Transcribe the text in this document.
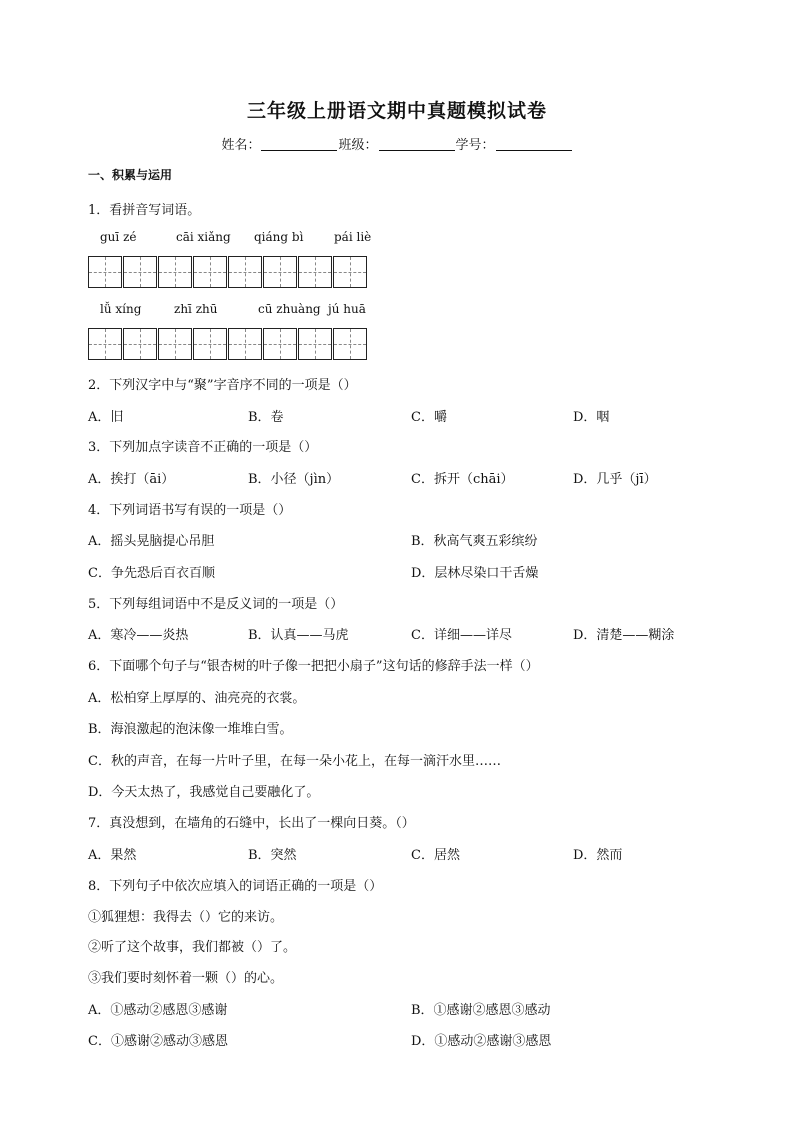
三年级上册语文期中真题模拟试卷
姓名：	班级：	学号：
一、积累与运用
1．看拼音写词语。
guī zé	cāi xiǎng qiáng bì	pái liè
lǚ xíng	zhī zhū	cū zhuàng jú huā
2．下列汉字中与“聚”字音序不同的一项是（）
A．旧	B．卷	C．嚼	D．咽
3．下列加点字读音不正确的一项是（）
A．挨打（āi）	B．小径（jìn）	C．拆开（chāi）	D．几乎（jī）
4．下列词语书写有误的一项是（）
A．摇头晃脑提心吊胆	B．秋高气爽五彩缤纷
C．争先恐后百衣百顺	D．层林尽染口干舌燥
5．下列每组词语中不是反义词的一项是（）
A．寒冷——炎热	B．认真——马虎	C．详细——详尽	D．清楚——糊涂
6．下面哪个句子与“银杏树的叶子像一把把小扇子”这句话的修辞手法一样（）
A．松柏穿上厚厚的、油亮亮的衣裳。
B．海浪激起的泡沫像一堆堆白雪。
C．秋的声音，在每一片叶子里，在每一朵小花上，在每一滴汗水里……
D．今天太热了，我感觉自己要融化了。
7．真没想到，在墙角的石缝中，长出了一棵向日葵。（）
A．果然	B．突然	C．居然	D．然而
8．下列句子中依次应填入的词语正确的一项是（）
①狐狸想：我得去（）它的来访。
②听了这个故事，我们都被（）了。
③我们要时刻怀着一颗（）的心。
A．①感动②感恩③感谢	B．①感谢②感恩③感动
C．①感谢②感动③感恩	D．①感动②感谢③感恩
